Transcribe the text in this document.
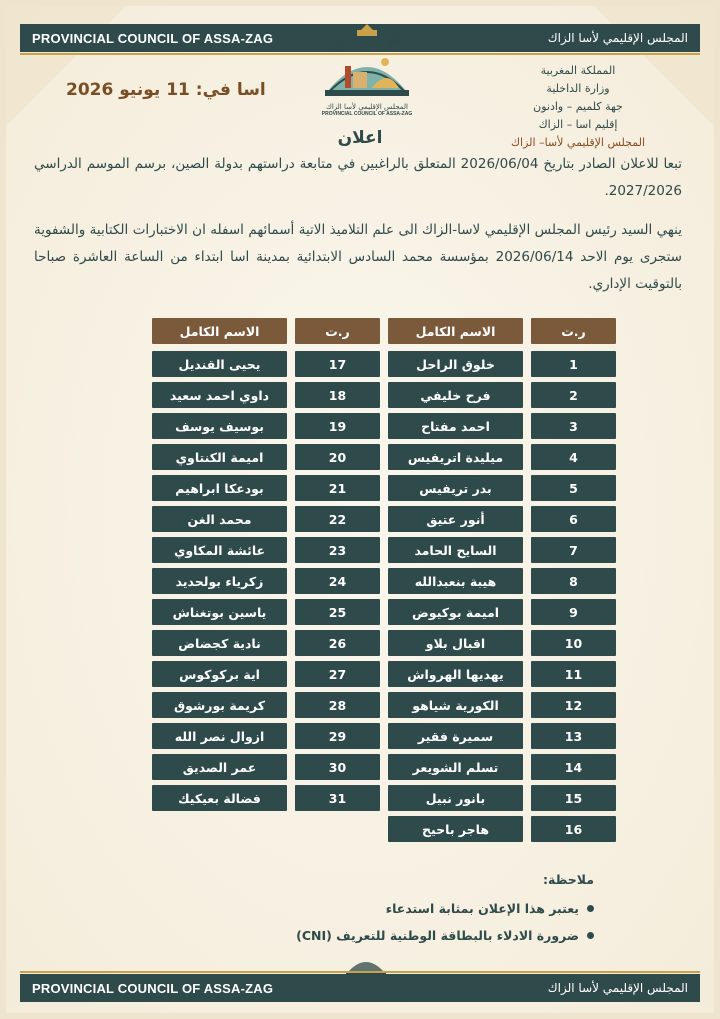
PROVINCIAL COUNCIL OF ASSA-ZAG	المجلس الإقليمي لأسا الزاك
المجلس الإقليمي لأسا الزاك
PROVINCIAL COUNCIL OF ASSA-ZAG
اسا في: 11 يونيو 2026
المملكة المغربية
وزارة الداخلية
جهة كلميم – وادنون
إقليم اسا – الزاك
المجلس الإقليمي لأسا– الزاك
اعلان
تبعا للاعلان الصادر بتاريخ 2026/06/04 المتعلق بالراغبين في متابعة دراستهم بدولة الصين، برسم الموسم الدراسي 2027/2026.
ينهي السيد رئيس المجلس الإقليمي لاسا-الزاك الى علم التلاميذ الاتية أسمائهم اسفله ان الاختبارات الكتابية والشفوية ستجرى يوم الاحد 2026/06/14 بمؤسسة محمد السادس الابتدائية بمدينة اسا ابتداء من الساعة العاشرة صباحا بالتوقيت الإداري.
ر.ت
الاسم الكامل
ر.ت
الاسم الكامل
1
خلوق الراحل
17
يحيى القنديل
2
فرح خليفي
18
داوي احمد سعيد
3
احمد مفتاح
19
بوسيف يوسف
4
ميليدة اتريفيس
20
اميمة الكنتاوي
5
بدر تريفيس
21
بودعكا ابراهيم
6
أنور عتيق
22
محمد الغن
7
السايح الحامد
23
عائشة المكاوي
8
هيبة بنعبدالله
24
زكرياء بولحديد
9
اميمة بوكيوض
25
ياسين بوتغناش
10
اقبال بلاو
26
نادية كجضاض
11
يهديها الهرواش
27
اية بركوكوس
12
الكورية شياهو
28
كريمة بورشوق
13
سميرة فقير
29
ازوال نصر الله
14
تسلم الشويعر
30
عمر الصديق
15
بانور نبيل
31
فضالة بعيكيك
16
هاجر باحيح
ملاحظة:
يعتبر هذا الإعلان بمثابة استدعاء
ضرورة الادلاء بالبطاقة الوطنية للتعريف (CNI)
PROVINCIAL COUNCIL OF ASSA-ZAG	المجلس الإقليمي لأسا الزاك
